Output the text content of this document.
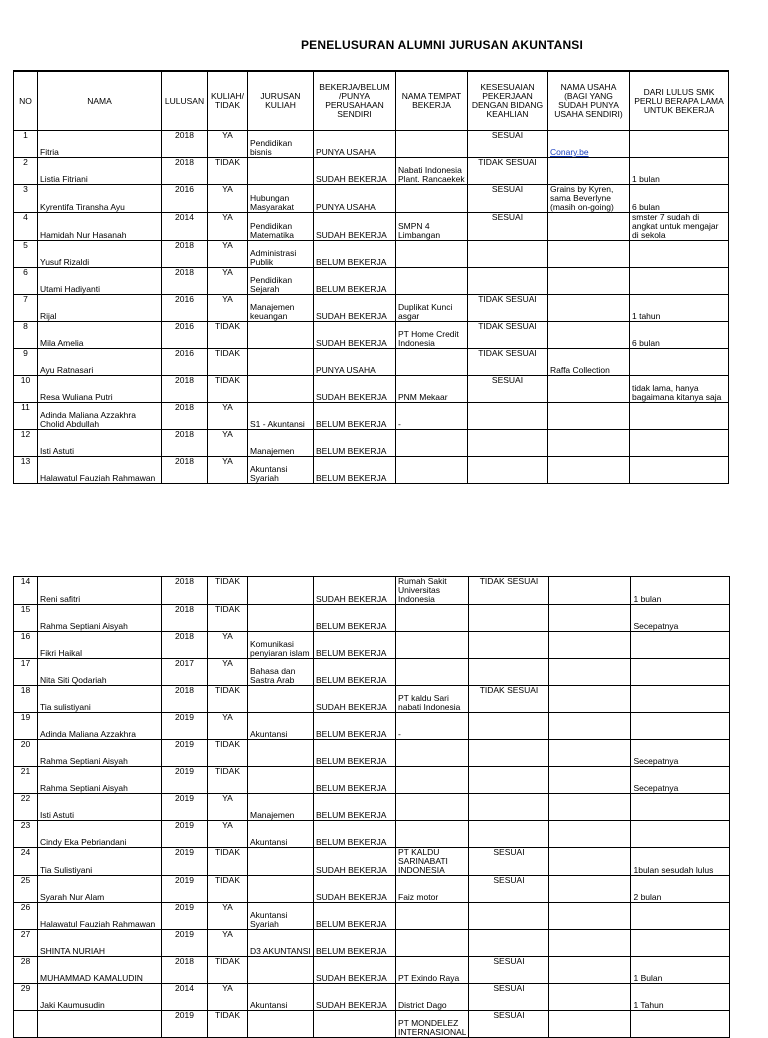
PENELUSURAN ALUMNI JURUSAN AKUNTANSI
NO	NAMA	LULUSAN	KULIAH/ TIDAK	JURUSAN KULIAH	BEKERJA/BELUM /PUNYA PERUSAHAAN SENDIRI	NAMA TEMPAT BEKERJA	KESESUAIAN PEKERJAAN DENGAN BIDANG KEAHLIAN	NAMA USAHA (BAGI YANG SUDAH PUNYA USAHA SENDIRI)	DARI LULUS SMK PERLU BERAPA LAMA UNTUK BEKERJA

1	Fitria	2018	YA	Pendidikan bisnis	PUNYA USAHA		SESUAI	Conary.be	

2	Listia Fitriani	2018	TIDAK		SUDAH BEKERJA	Nabati Indonesia Plant. Rancaekek	TIDAK SESUAI		1 bulan

3	Kyrentifa Tiransha Ayu	2016	YA	Hubungan Masyarakat	PUNYA USAHA		SESUAI	Grains by Kyren, sama Beverlyne (masih on-going)	6 bulan

4	Hamidah Nur Hasanah	2014	YA	Pendidikan Matematika	SUDAH BEKERJA	SMPN 4 Limbangan	SESUAI		smster 7 sudah di angkat untuk mengajar di sekola

5	Yusuf Rizaldi	2018	YA	Administrasi Publik	BELUM BEKERJA				

6	Utami Hadiyanti	2018	YA	Pendidikan Sejarah	BELUM BEKERJA				

7	Rijal	2016	YA	Manajemen keuangan	SUDAH BEKERJA	Duplikat Kunci asgar	TIDAK SESUAI		1 tahun

8	Mila Amelia	2016	TIDAK		SUDAH BEKERJA	PT Home Credit Indonesia	TIDAK SESUAI		6 bulan

9	Ayu Ratnasari	2016	TIDAK		PUNYA USAHA		TIDAK SESUAI	Raffa Collection	

10	Resa Wuliana Putri	2018	TIDAK		SUDAH BEKERJA	PNM Mekaar	SESUAI		tidak lama, hanya bagaimana kitanya saja

11	Adinda Maliana Azzakhra Cholid Abdullah	2018	YA	S1 - Akuntansi	BELUM BEKERJA	-			

12	Isti Astuti	2018	YA	Manajemen	BELUM BEKERJA				

13	Halawatul Fauziah Rahmawan	2018	YA	Akuntansi Syariah	BELUM BEKERJA				

14	Reni safitri	2018	TIDAK		SUDAH BEKERJA	Rumah Sakit Universitas Indonesia	TIDAK SESUAI		1 bulan

15	Rahma Septiani Aisyah	2018	TIDAK		BELUM BEKERJA				Secepatnya

16	Fikri Haikal	2018	YA	Komunikasi penyiaran islam	BELUM BEKERJA				

17	Nita Siti Qodariah	2017	YA	Bahasa dan Sastra Arab	BELUM BEKERJA				

18	Tia sulistiyani	2018	TIDAK		SUDAH BEKERJA	PT kaldu Sari nabati Indonesia	TIDAK SESUAI		

19	Adinda Maliana Azzakhra	2019	YA	Akuntansi	BELUM BEKERJA	-			

20	Rahma Septiani Aisyah	2019	TIDAK		BELUM BEKERJA				Secepatnya

21	Rahma Septiani Aisyah	2019	TIDAK		BELUM BEKERJA				Secepatnya

22	Isti Astuti	2019	YA	Manajemen	BELUM BEKERJA				

23	Cindy Eka Pebriandani	2019	YA	Akuntansi	BELUM BEKERJA				

24	Tia Sulistiyani	2019	TIDAK		SUDAH BEKERJA	PT KALDU SARINABATI INDONESIA	SESUAI		1bulan sesudah lulus

25	Syarah Nur Alam	2019	TIDAK		SUDAH BEKERJA	Faiz motor	SESUAI		2 bulan

26	Halawatul Fauziah Rahmawan	2019	YA	Akuntansi Syariah	BELUM BEKERJA				

27	SHINTA NURIAH	2019	YA	D3 AKUNTANSI	BELUM BEKERJA				

28	MUHAMMAD KAMALUDIN	2018	TIDAK		SUDAH BEKERJA	PT Exindo Raya	SESUAI		1 Bulan

29	Jaki Kaumusudin	2014	YA	Akuntansi	SUDAH BEKERJA	District Dago	SESUAI		1 Tahun

		2019	TIDAK			PT MONDELEZ INTERNASIONAL	SESUAI		
